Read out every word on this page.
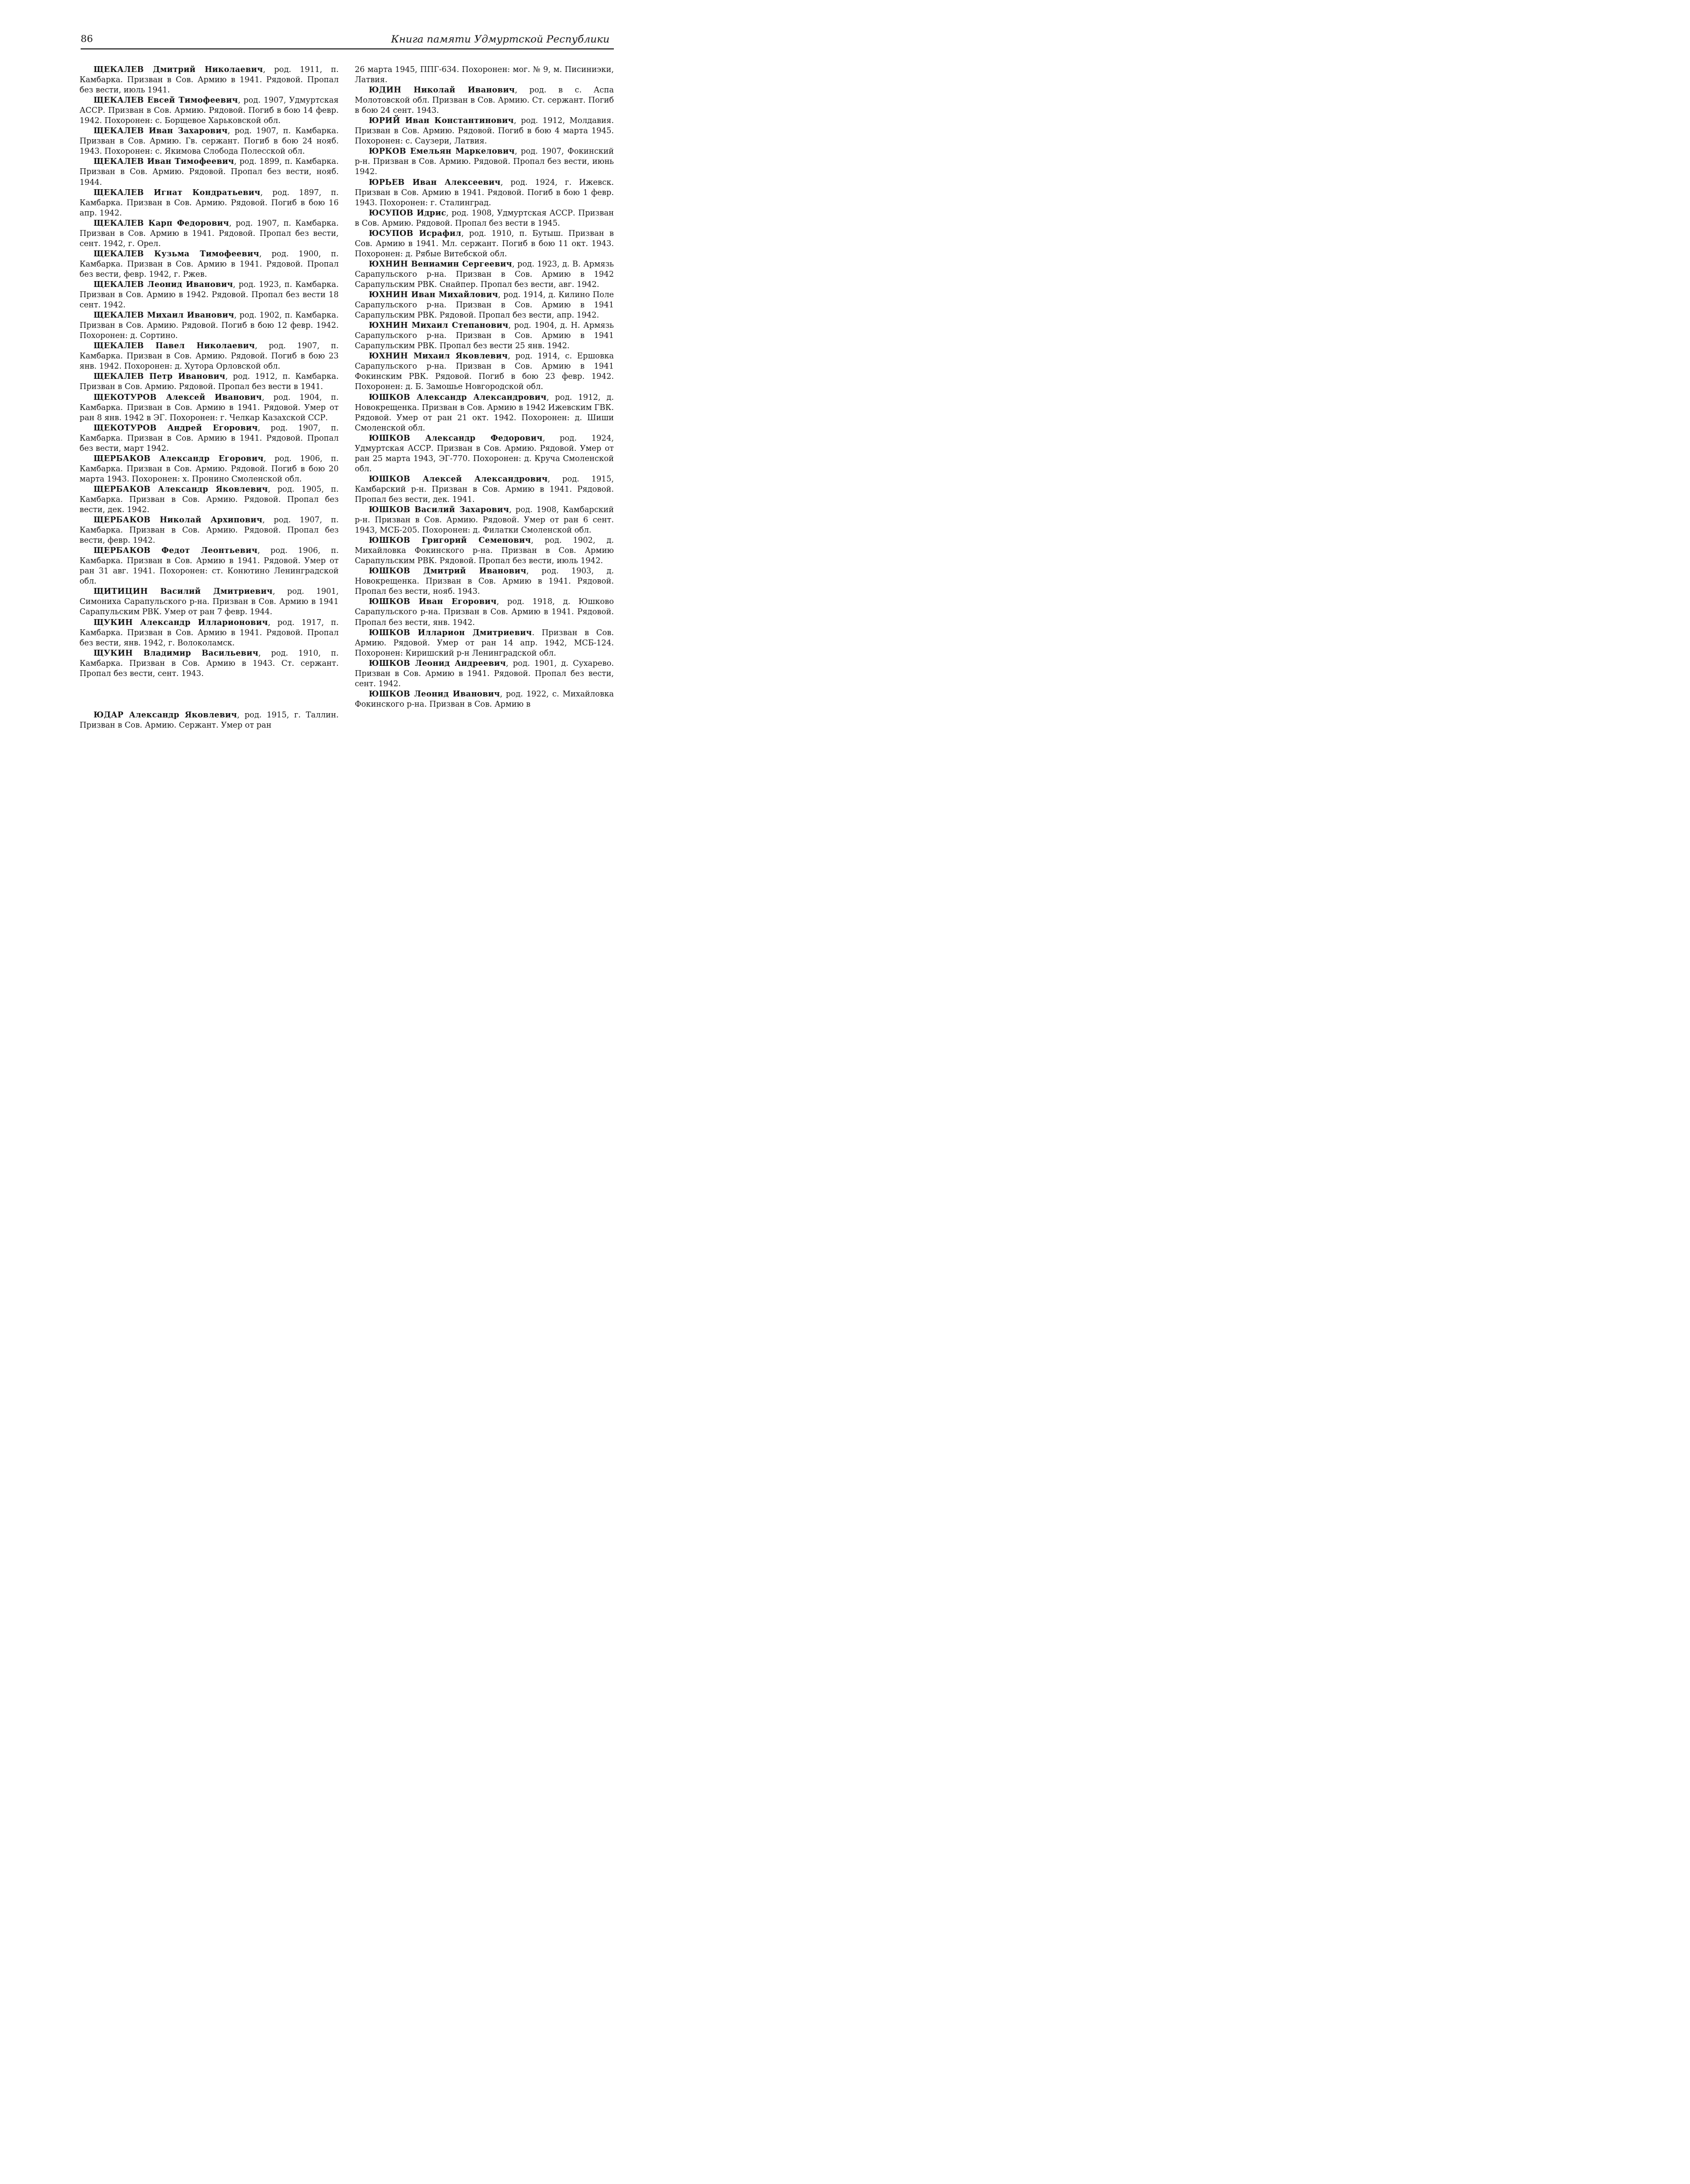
86	Книга памяти Удмуртской Республики

ЩЕКАЛЕВ Дмитрий Николаевич, род. 1911, п. Камбарка. Призван в Сов. Армию в 1941. Рядовой. Пропал без вести, июль 1941.

ЩЕКАЛЕВ Евсей Тимофеевич, род. 1907, Удмуртская АССР. Призван в Сов. Армию. Рядовой. Погиб в бою 14 февр. 1942. Похоронен: с. Борщевое Харьковской обл.

ЩЕКАЛЕВ Иван Захарович, род. 1907, п. Камбарка. Призван в Сов. Армию. Гв. сержант. Погиб в бою 24 нояб. 1943. Похоронен: с. Якимова Слобода Полесской обл.

ЩЕКАЛЕВ Иван Тимофеевич, род. 1899, п. Камбарка. Призван в Сов. Армию. Рядовой. Пропал без вести, нояб. 1944.

ЩЕКАЛЕВ Игнат Кондратьевич, род. 1897, п. Камбарка. Призван в Сов. Армию. Рядовой. Погиб в бою 16 апр. 1942.

ЩЕКАЛЕВ Карп Федорович, род. 1907, п. Камбарка. Призван в Сов. Армию в 1941. Рядовой. Пропал без вести, сент. 1942, г. Орел.

ЩЕКАЛЕВ Кузьма Тимофеевич, род. 1900, п. Камбарка. Призван в Сов. Армию в 1941. Рядовой. Пропал без вести, февр. 1942, г. Ржев.

ЩЕКАЛЕВ Леонид Иванович, род. 1923, п. Камбарка. Призван в Сов. Армию в 1942. Рядовой. Пропал без вести 18 сент. 1942.

ЩЕКАЛЕВ Михаил Иванович, род. 1902, п. Камбарка. Призван в Сов. Армию. Рядовой. Погиб в бою 12 февр. 1942. Похоронен: д. Сортино.

ЩЕКАЛЕВ Павел Николаевич, род. 1907, п. Камбарка. Призван в Сов. Армию. Рядовой. Погиб в бою 23 янв. 1942. Похоронен: д. Хутора Орловской обл.

ЩЕКАЛЕВ Петр Иванович, род. 1912, п. Камбарка. Призван в Сов. Армию. Рядовой. Пропал без вести в 1941.

ЩЕКОТУРОВ Алексей Иванович, род. 1904, п. Камбарка. Призван в Сов. Армию в 1941. Рядовой. Умер от ран 8 янв. 1942 в ЭГ. Похоронен: г. Челкар Казахской ССР.

ЩЕКОТУРОВ Андрей Егорович, род. 1907, п. Камбарка. Призван в Сов. Армию в 1941. Рядовой. Пропал без вести, март 1942.

ЩЕРБАКОВ Александр Егорович, род. 1906, п. Камбарка. Призван в Сов. Армию. Рядовой. Погиб в бою 20 марта 1943. Похоронен: х. Пронино Смоленской обл.

ЩЕРБАКОВ Александр Яковлевич, род. 1905, п. Камбарка. Призван в Сов. Армию. Рядовой. Пропал без вести, дек. 1942.

ЩЕРБАКОВ Николай Архипович, род. 1907, п. Камбарка. Призван в Сов. Армию. Рядовой. Пропал без вести, февр. 1942.

ЩЕРБАКОВ Федот Леонтьевич, род. 1906, п. Камбарка. Призван в Сов. Армию в 1941. Рядовой. Умер от ран 31 авг. 1941. Похоронен: ст. Конютино Ленинградской обл.

ЩИТИЦИН Василий Дмитриевич, род. 1901, Симониха Сарапульского р-на. Призван в Сов. Армию в 1941 Сарапульским РВК. Умер от ран 7 февр. 1944.

ЩУКИН Александр Илларионович, род. 1917, п. Камбарка. Призван в Сов. Армию в 1941. Рядовой. Пропал без вести, янв. 1942, г. Волоколамск.

ЩУКИН Владимир Васильевич, род. 1910, п. Камбарка. Призван в Сов. Армию в 1943. Ст. сержант. Пропал без вести, сент. 1943.

ЮДАР Александр Яковлевич, род. 1915, г. Таллин. Призван в Сов. Армию. Сержант. Умер от ран

26 марта 1945, ППГ-634. Похоронен: мог. № 9, м. Писиниэки, Латвия.

ЮДИН Николай Иванович, род. в с. Аспа Молотовской обл. Призван в Сов. Армию. Ст. сержант. Погиб в бою 24 сент. 1943.

ЮРИЙ Иван Константинович, род. 1912, Молдавия. Призван в Сов. Армию. Рядовой. Погиб в бою 4 марта 1945. Похоронен: с. Саузери, Латвия.

ЮРКОВ Емельян Маркелович, род. 1907, Фокинский р-н. Призван в Сов. Армию. Рядовой. Пропал без вести, июнь 1942.

ЮРЬЕВ Иван Алексеевич, род. 1924, г. Ижевск. Призван в Сов. Армию в 1941. Рядовой. Погиб в бою 1 февр. 1943. Похоронен: г. Сталинград.

ЮСУПОВ Идрис, род. 1908, Удмуртская АССР. Призван в Сов. Армию. Рядовой. Пропал без вести в 1945.

ЮСУПОВ Исрафил, род. 1910, п. Бутыш. Призван в Сов. Армию в 1941. Мл. сержант. Погиб в бою 11 окт. 1943. Похоронен: д. Рябые Витебской обл.

ЮХНИН Вениамин Сергеевич, род. 1923, д. В. Армязь Сарапульского р-на. Призван в Сов. Армию в 1942 Сарапульским РВК. Снайпер. Пропал без вести, авг. 1942.

ЮХНИН Иван Михайлович, род. 1914, д. Килино Поле Сарапульского р-на. Призван в Сов. Армию в 1941 Сарапульским РВК. Рядовой. Пропал без вести, апр. 1942.

ЮХНИН Михаил Степанович, род. 1904, д. Н. Армязь Сарапульского р-на. Призван в Сов. Армию в 1941 Сарапульским РВК. Пропал без вести 25 янв. 1942.

ЮХНИН Михаил Яковлевич, род. 1914, с. Ершовка Сарапульского р-на. Призван в Сов. Армию в 1941 Фокинским РВК. Рядовой. Погиб в бою 23 февр. 1942. Похоронен: д. Б. Замошье Новгородской обл.

ЮШКОВ Александр Александрович, род. 1912, д. Новокрещенка. Призван в Сов. Армию в 1942 Ижевским ГВК. Рядовой. Умер от ран 21 окт. 1942. Похоронен: д. Шиши Смоленской обл.

ЮШКОВ Александр Федорович, род. 1924, Удмуртская АССР. Призван в Сов. Армию. Рядовой. Умер от ран 25 марта 1943, ЭГ-770. Похоронен: д. Круча Смоленской обл.

ЮШКОВ Алексей Александрович, род. 1915, Камбарский р-н. Призван в Сов. Армию в 1941. Рядовой. Пропал без вести, дек. 1941.

ЮШКОВ Василий Захарович, род. 1908, Камбарский р-н. Призван в Сов. Армию. Рядовой. Умер от ран 6 сент. 1943, МСБ-205. Похоронен: д. Филатки Смоленской обл.

ЮШКОВ Григорий Семенович, род. 1902, д. Михайловка Фокинского р-на. Призван в Сов. Армию Сарапульским РВК. Рядовой. Пропал без вести, июль 1942.

ЮШКОВ Дмитрий Иванович, род. 1903, д. Новокрещенка. Призван в Сов. Армию в 1941. Рядовой. Пропал без вести, нояб. 1943.

ЮШКОВ Иван Егорович, род. 1918, д. Юшково Сарапульского р-на. Призван в Сов. Армию в 1941. Рядовой. Пропал без вести, янв. 1942.

ЮШКОВ Илларион Дмитриевич. Призван в Сов. Армию. Рядовой. Умер от ран 14 апр. 1942, МСБ-124. Похоронен: Киришский р-н Ленинградской обл.

ЮШКОВ Леонид Андреевич, род. 1901, д. Сухарево. Призван в Сов. Армию в 1941. Рядовой. Пропал без вести, сент. 1942.

ЮШКОВ Леонид Иванович, род. 1922, с. Михайловка Фокинского р-на. Призван в Сов. Армию в
